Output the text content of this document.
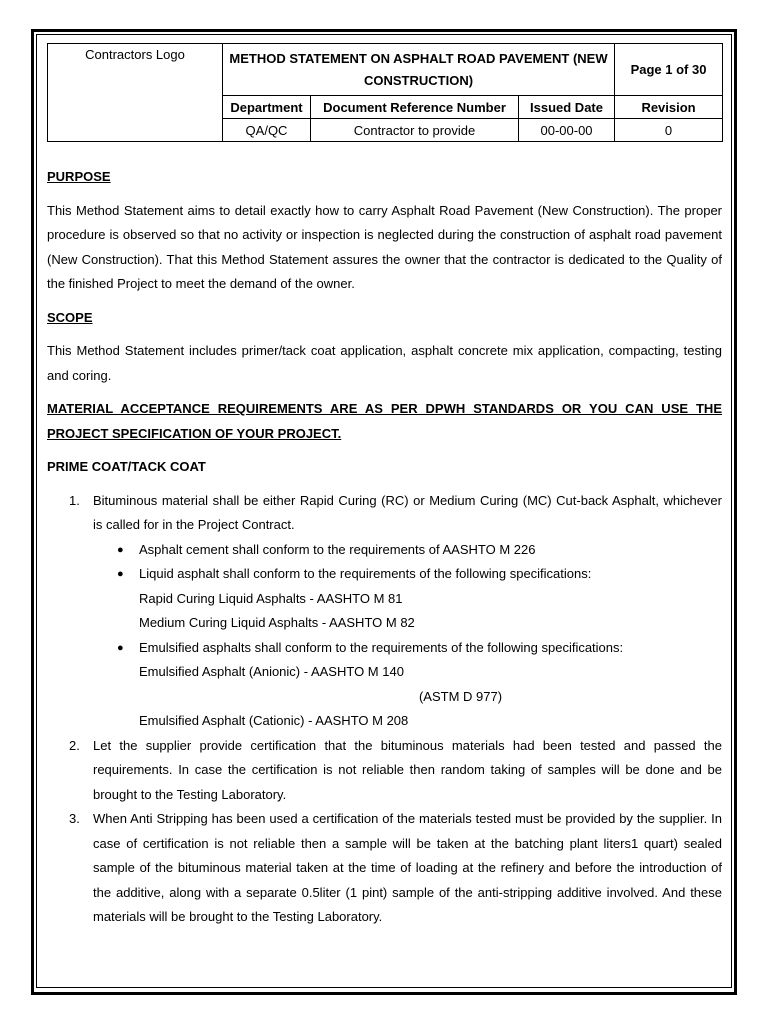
Contractors Logo	METHOD STATEMENT ON ASPHALT ROAD PAVEMENT (NEW CONSTRUCTION)			Page 1 of 30
	Department	Document Reference Number	Issued Date	Revision
	QA/QC	Contractor to provide	00-00-00	0

PURPOSE

This Method Statement aims to detail exactly how to carry Asphalt Road Pavement (New Construction). The proper procedure is observed so that no activity or inspection is neglected during the construction of asphalt road pavement (New Construction). That this Method Statement assures the owner that the contractor is dedicated to the Quality of the finished Project to meet the demand of the owner.

SCOPE

This Method Statement includes primer/tack coat application, asphalt concrete mix application, compacting, testing and coring.

MATERIAL ACCEPTANCE REQUIREMENTS ARE AS PER DPWH STANDARDS OR YOU CAN USE THE PROJECT SPECIFICATION OF YOUR PROJECT.

PRIME COAT/TACK COAT

1. Bituminous material shall be either Rapid Curing (RC) or Medium Curing (MC) Cut-back Asphalt, whichever is called for in the Project Contract.
● Asphalt cement shall conform to the requirements of AASHTO M 226
● Liquid asphalt shall conform to the requirements of the following specifications:

Rapid Curing Liquid Asphalts - AASHTO M 81

Medium Curing Liquid Asphalts - AASHTO M 82

● Emulsified asphalts shall conform to the requirements of the following specifications:

Emulsified Asphalt (Anionic) - AASHTO M 140

(ASTM D 977)

Emulsified Asphalt (Cationic) - AASHTO M 208

2. Let the supplier provide certification that the bituminous materials had been tested and passed the requirements. In case the certification is not reliable then random taking of samples will be done and be brought to the Testing Laboratory.
3. When Anti Stripping has been used a certification of the materials tested must be provided by the supplier. In case of certification is not reliable then a sample will be taken at the batching plant liters1 quart) sealed sample of the bituminous material taken at the time of loading at the refinery and before the introduction of the additive, along with a separate 0.5liter (1 pint) sample of the anti-stripping additive involved. And these materials will be brought to the Testing Laboratory.
